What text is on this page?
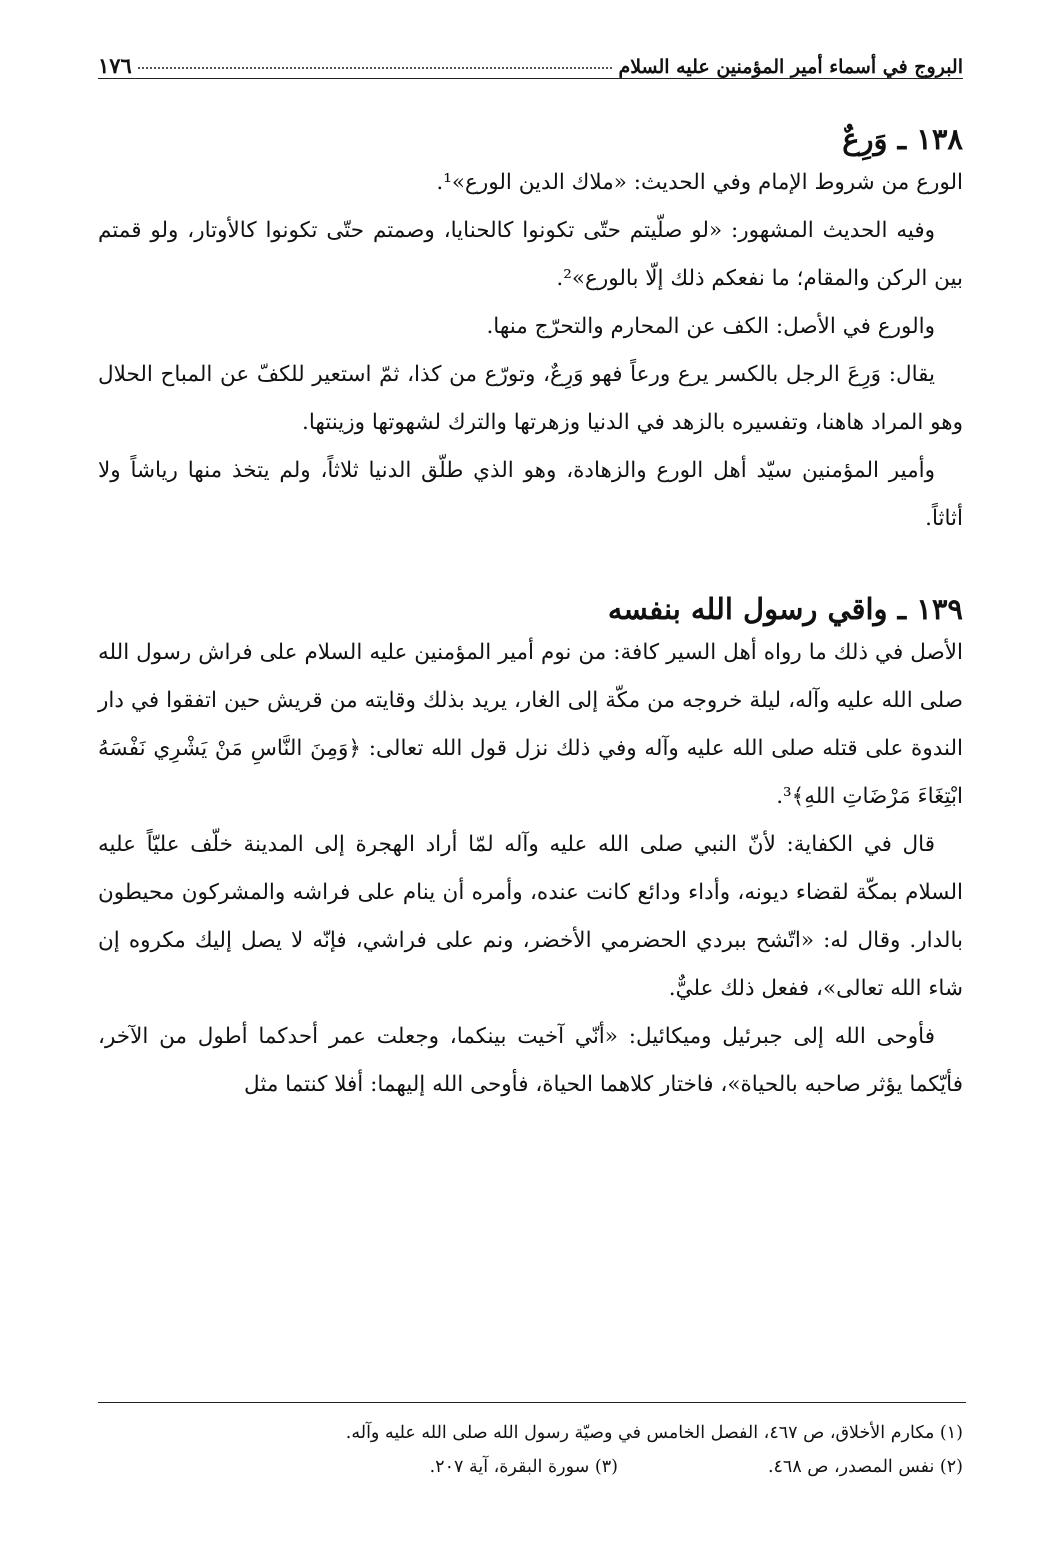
البروج في أسماء أمير المؤمنين عليه السلام
١٧٦
١٣٨ ـ وَرِعٌ

الورع من شروط الإمام وفي الحديث: «ملاك الدين الورع»¹.

وفيه الحديث المشهور: «لو صلّيتم حتّى تكونوا كالحنايا، وصمتم حتّى تكونوا كالأوتار، ولو قمتم بين الركن والمقام؛ ما نفعكم ذلك إلّا بالورع»².

والورع في الأصل: الكف عن المحارم والتحرّج منها.

يقال: وَرِعَ الرجل بالكسر يرع ورعاً فهو وَرِعٌ، وتورّع من كذا، ثمّ استعير للكفّ عن المباح الحلال وهو المراد هاهنا، وتفسيره بالزهد في الدنيا وزهرتها والترك لشهوتها وزينتها.

وأمير المؤمنين سيّد أهل الورع والزهادة، وهو الذي طلّق الدنيا ثلاثاً، ولم يتخذ منها رياشاً ولا أثاثاً.

١٣٩ ـ واقي رسول الله بنفسه

الأصل في ذلك ما رواه أهل السير كافة: من نوم أمير المؤمنين عليه السلام على فراش رسول الله صلى الله عليه وآله، ليلة خروجه من مكّة إلى الغار، يريد بذلك وقايته من قريش حين اتفقوا في دار الندوة على قتله صلى الله عليه وآله وفي ذلك نزل قول الله تعالى: ﴿وَمِنَ النَّاسِ مَنْ يَشْرِي نَفْسَهُ ابْتِغَاءَ مَرْضَاتِ اللهِ﴾³.

قال في الكفاية: لأنّ النبي صلى الله عليه وآله لمّا أراد الهجرة إلى المدينة خلّف عليّاً عليه السلام بمكّة لقضاء ديونه، وأداء ودائع كانت عنده، وأمره أن ينام على فراشه والمشركون محيطون بالدار. وقال له: «اتّشح ببردي الحضرمي الأخضر، ونم على فراشي، فإنّه لا يصل إليك مكروه إن شاء الله تعالى»، ففعل ذلك عليٌّ.

فأوحى الله إلى جبرئيل وميكائيل: «أنّي آخيت بينكما، وجعلت عمر أحدكما أطول من الآخر، فأيّكما يؤثر صاحبه بالحياة»، فاختار كلاهما الحياة، فأوحى الله إليهما: أفلا كنتما مثل

(١) مكارم الأخلاق، ص ٤٦٧، الفصل الخامس في وصيّة رسول الله صلى الله عليه وآله.
(٢) نفس المصدر، ص ٤٦٨.
(٣) سورة البقرة، آية ٢٠٧.
